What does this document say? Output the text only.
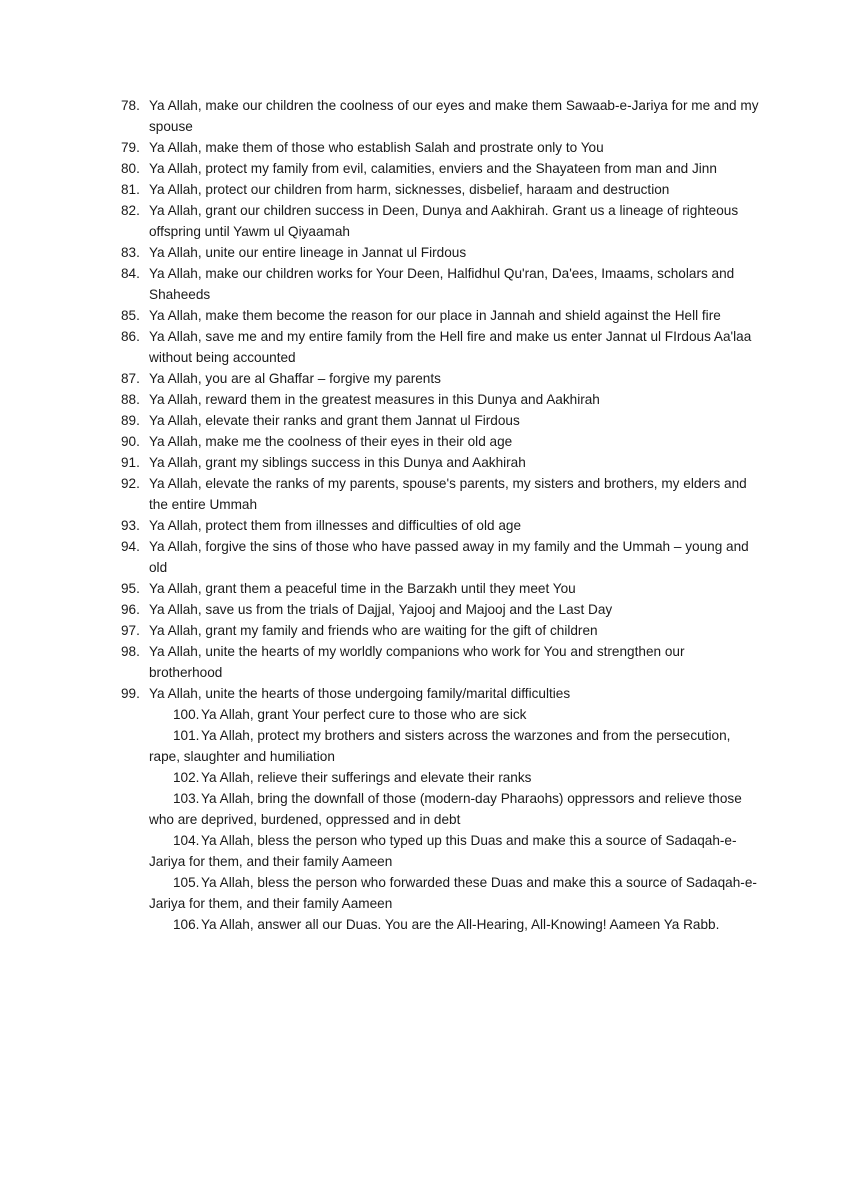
78. Ya Allah, make our children the coolness of our eyes and make them Sawaab-e-Jariya for me and my spouse
79. Ya Allah, make them of those who establish Salah and prostrate only to You
80. Ya Allah, protect my family from evil, calamities, enviers and the Shayateen from man and Jinn
81. Ya Allah, protect our children from harm, sicknesses, disbelief, haraam and destruction
82. Ya Allah, grant our children success in Deen, Dunya and Aakhirah. Grant us a lineage of righteous offspring until Yawm ul Qiyaamah
83. Ya Allah, unite our entire lineage in Jannat ul Firdous
84. Ya Allah, make our children works for Your Deen, Halfidhul Qu'ran, Da'ees, Imaams, scholars and Shaheeds
85. Ya Allah, make them become the reason for our place in Jannah and shield against the Hell fire
86. Ya Allah, save me and my entire family from the Hell fire and make us enter Jannat ul FIrdous Aa'laa without being accounted
87. Ya Allah, you are al Ghaffar – forgive my parents
88. Ya Allah, reward them in the greatest measures in this Dunya and Aakhirah
89. Ya Allah, elevate their ranks and grant them Jannat ul Firdous
90. Ya Allah, make me the coolness of their eyes in their old age
91. Ya Allah, grant my siblings success in this Dunya and Aakhirah
92. Ya Allah, elevate the ranks of my parents, spouse's parents, my sisters and brothers, my elders and the entire Ummah
93. Ya Allah, protect them from illnesses and difficulties of old age
94. Ya Allah, forgive the sins of those who have passed away in my family and the Ummah – young and old
95. Ya Allah, grant them a peaceful time in the Barzakh until they meet You
96. Ya Allah, save us from the trials of Dajjal, Yajooj and Majooj and the Last Day
97. Ya Allah, grant my family and friends who are waiting for the gift of children
98. Ya Allah, unite the hearts of my worldly companions who work for You and strengthen our brotherhood
99. Ya Allah, unite the hearts of those undergoing family/marital difficulties
100. Ya Allah, grant Your perfect cure to those who are sick
101. Ya Allah, protect my brothers and sisters across the warzones and from the persecution, rape, slaughter and humiliation
102. Ya Allah, relieve their sufferings and elevate their ranks
103. Ya Allah, bring the downfall of those (modern-day Pharaohs) oppressors and relieve those who are deprived, burdened, oppressed and in debt
104. Ya Allah, bless the person who typed up this Duas and make this a source of Sadaqah-e-Jariya for them, and their family Aameen
105. Ya Allah, bless the person who forwarded these Duas and make this a source of Sadaqah-e-Jariya for them, and their family Aameen
106. Ya Allah, answer all our Duas. You are the All-Hearing, All-Knowing! Aameen Ya Rabb.
